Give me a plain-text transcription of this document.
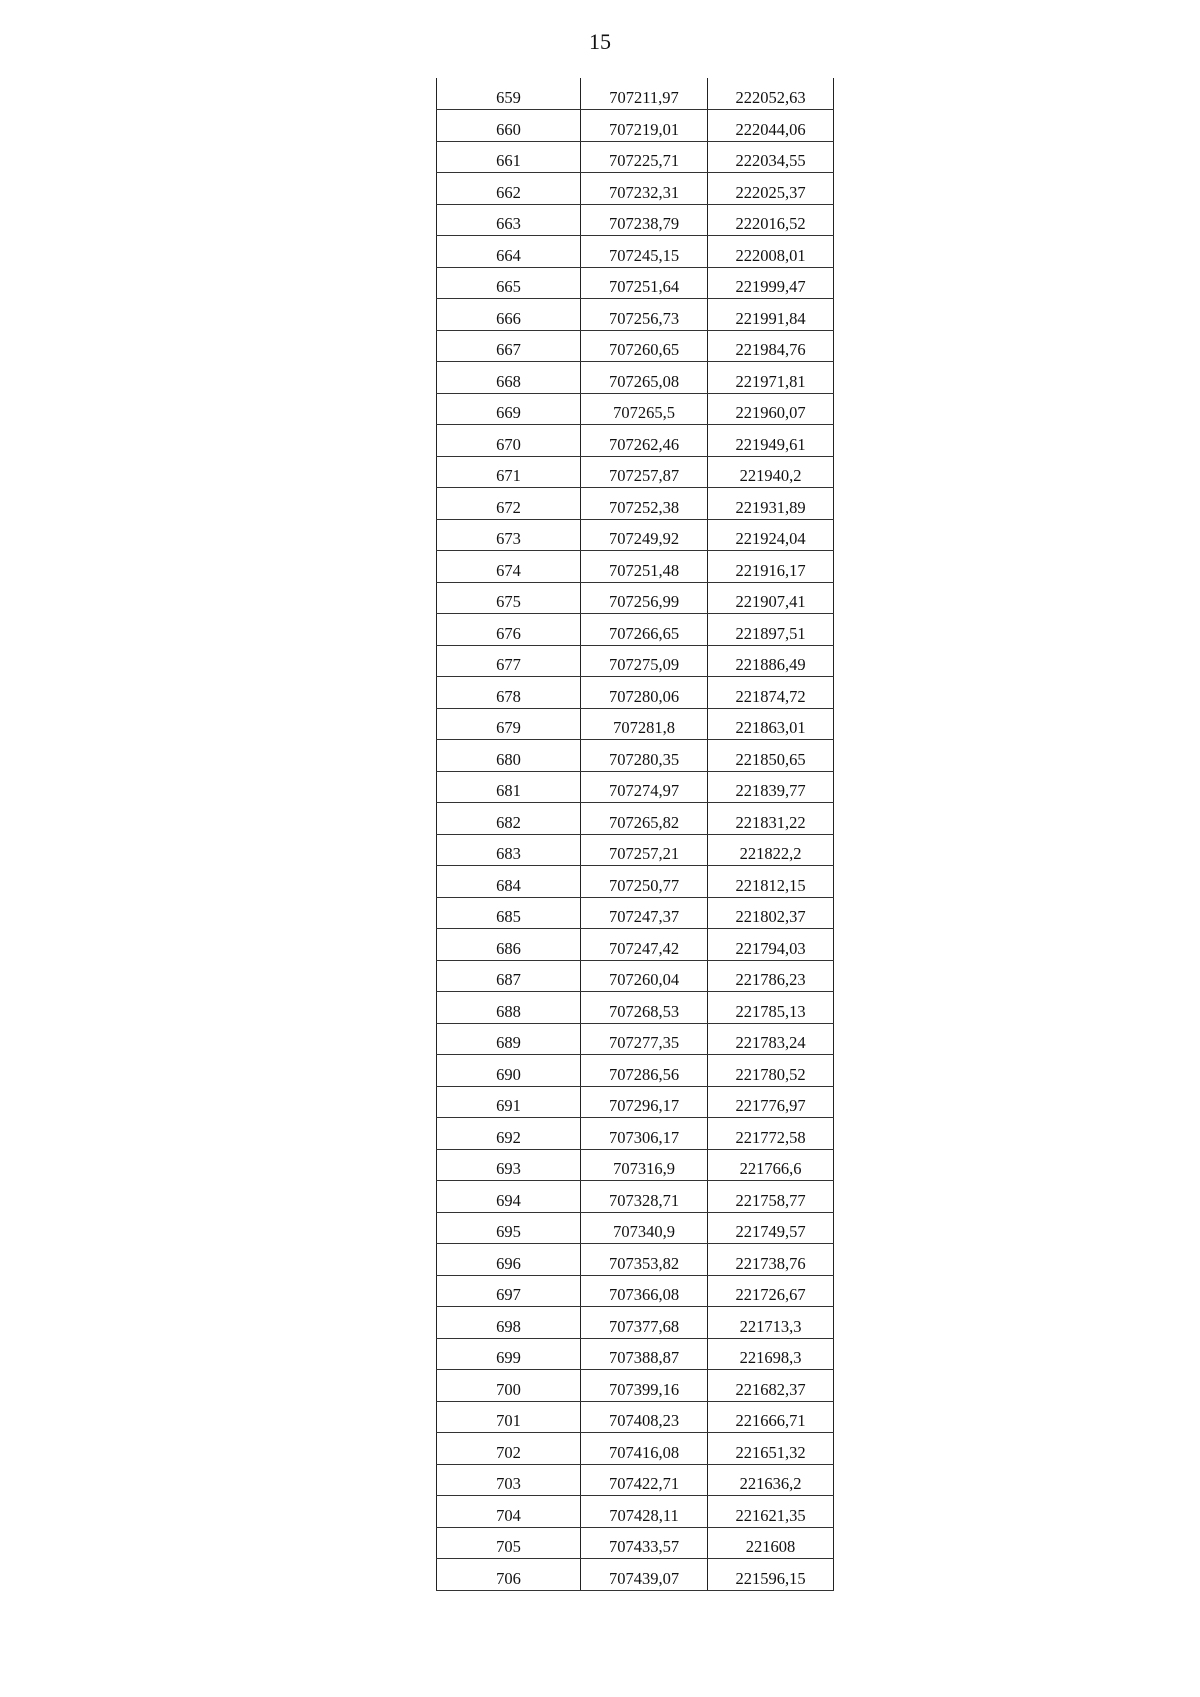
15
659	707211,97	222052,63
660	707219,01	222044,06
661	707225,71	222034,55
662	707232,31	222025,37
663	707238,79	222016,52
664	707245,15	222008,01
665	707251,64	221999,47
666	707256,73	221991,84
667	707260,65	221984,76
668	707265,08	221971,81
669	707265,5	221960,07
670	707262,46	221949,61
671	707257,87	221940,2
672	707252,38	221931,89
673	707249,92	221924,04
674	707251,48	221916,17
675	707256,99	221907,41
676	707266,65	221897,51
677	707275,09	221886,49
678	707280,06	221874,72
679	707281,8	221863,01
680	707280,35	221850,65
681	707274,97	221839,77
682	707265,82	221831,22
683	707257,21	221822,2
684	707250,77	221812,15
685	707247,37	221802,37
686	707247,42	221794,03
687	707260,04	221786,23
688	707268,53	221785,13
689	707277,35	221783,24
690	707286,56	221780,52
691	707296,17	221776,97
692	707306,17	221772,58
693	707316,9	221766,6
694	707328,71	221758,77
695	707340,9	221749,57
696	707353,82	221738,76
697	707366,08	221726,67
698	707377,68	221713,3
699	707388,87	221698,3
700	707399,16	221682,37
701	707408,23	221666,71
702	707416,08	221651,32
703	707422,71	221636,2
704	707428,11	221621,35
705	707433,57	221608
706	707439,07	221596,15
